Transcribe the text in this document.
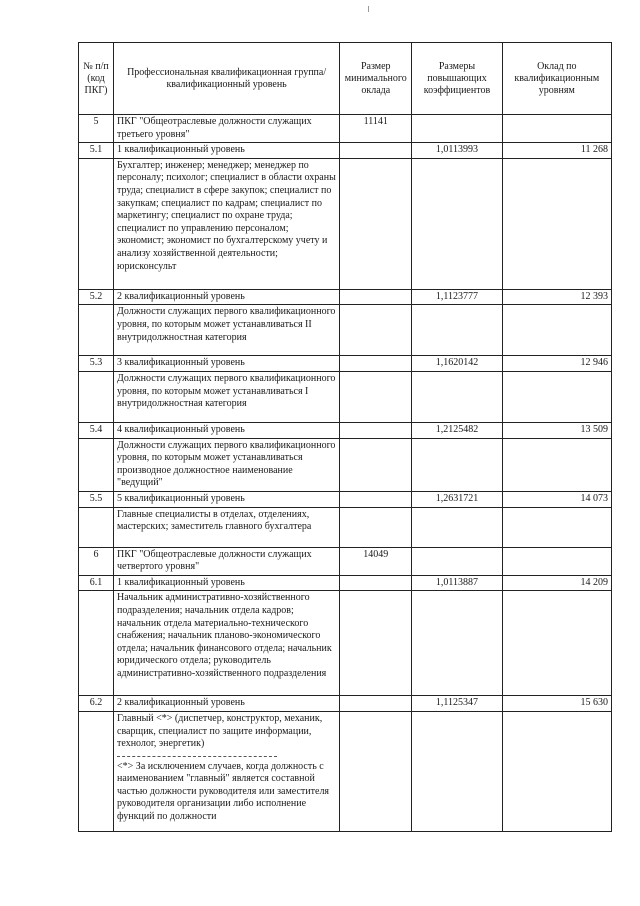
№ п/п (код ПКГ)	Профессиональная квалификационная группа/квалификационный уровень	Размер минимального оклада	Размеры повышающих коэффициентов	Оклад по квалификационным уровням
5	ПКГ "Общеотраслевые должности служащих третьего уровня"	11141		
5.1	1 квалификационный уровень		1,0113993	11 268
	Бухгалтер; инженер; менеджер; менеджер по персоналу; психолог; специалист в области охраны труда; специалист в сфере закупок; специалист по закупкам; специалист по кадрам; специалист по маркетингу; специалист по охране труда; специалист по управлению персоналом; экономист; экономист по бухгалтерскому учету и анализу хозяйственной деятельности; юрисконсульт			
5.2	2 квалификационный уровень		1,1123777	12 393
	Должности служащих первого квалификационного уровня, по которым может устанавливаться II внутридолжностная категория			
5.3	3 квалификационный уровень		1,1620142	12 946
	Должности служащих первого квалификационного уровня, по которым может устанавливаться I внутридолжностная категория			
5.4	4 квалификационный уровень		1,2125482	13 509
	Должности служащих первого квалификационного уровня, по которым может устанавливаться производное должностное наименование "ведущий"			
5.5	5 квалификационный уровень		1,2631721	14 073
	Главные специалисты в отделах, отделениях, мастерских; заместитель главного бухгалтера			
6	ПКГ "Общеотраслевые должности служащих четвертого уровня"	14049		
6.1	1 квалификационный уровень		1,0113887	14 209
	Начальник административно-хозяйственного подразделения; начальник отдела кадров; начальник отдела материально-технического снабжения; начальник планово-экономического отдела; начальник финансового отдела; начальник юридического отдела; руководитель административно-хозяйственного подразделения			
6.2	2 квалификационный уровень		1,1125347	15 630

	Главный <*> (диспетчер, конструктор, механик, сварщик, специалист по защите информации, технолог, энергетик)
<*> За исключением случаев, когда должность с наименованием "главный" является составной частью должности руководителя или заместителя руководителя организации либо исполнение функций по должности			
